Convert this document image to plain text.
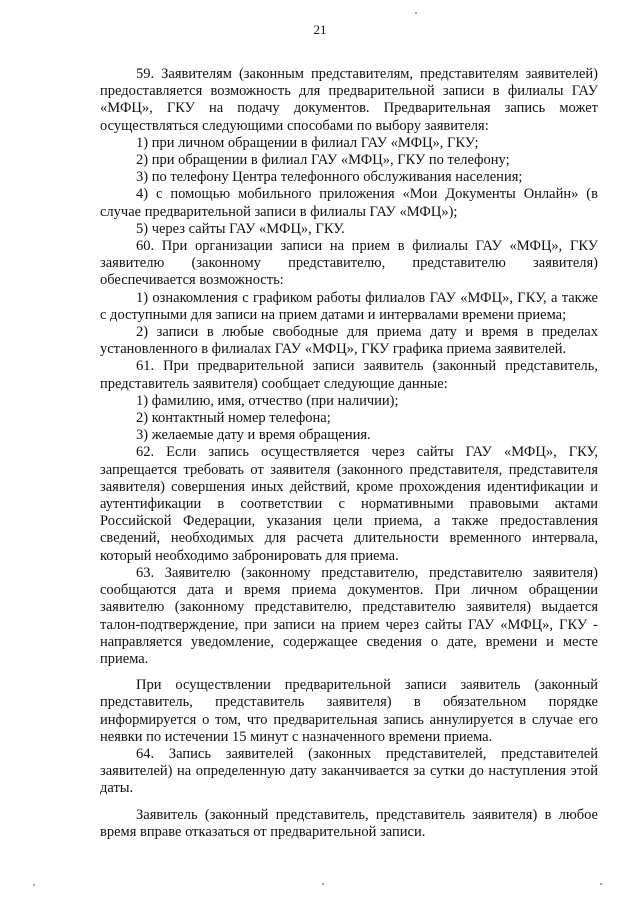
21

59. Заявителям (законным представителям, представителям заявителей) предоставляется возможность для предварительной записи в филиалы ГАУ «МФЦ», ГКУ на подачу документов. Предварительная запись может осуществляться следующими способами по выбору заявителя:

1) при личном обращении в филиал ГАУ «МФЦ», ГКУ;

2) при обращении в филиал ГАУ «МФЦ», ГКУ по телефону;

3) по телефону Центра телефонного обслуживания населения;

4) с помощью мобильного приложения «Мои Документы Онлайн» (в случае предварительной записи в филиалы ГАУ «МФЦ»);

5) через сайты ГАУ «МФЦ», ГКУ.

60. При организации записи на прием в филиалы ГАУ «МФЦ», ГКУ заявителю (законному представителю, представителю заявителя) обеспечивается возможность:

1) ознакомления с графиком работы филиалов ГАУ «МФЦ», ГКУ, а также с доступными для записи на прием датами и интервалами времени приема;

2) записи в любые свободные для приема дату и время в пределах установленного в филиалах ГАУ «МФЦ», ГКУ графика приема заявителей.

61. При предварительной записи заявитель (законный представитель, представитель заявителя) сообщает следующие данные:

1) фамилию, имя, отчество (при наличии);

2) контактный номер телефона;

3) желаемые дату и время обращения.

62. Если запись осуществляется через сайты ГАУ «МФЦ», ГКУ, запрещается требовать от заявителя (законного представителя, представителя заявителя) совершения иных действий, кроме прохождения идентификации и аутентификации в соответствии с нормативными правовыми актами Российской Федерации, указания цели приема, а также предоставления сведений, необходимых для расчета длительности временного интервала, который необходимо забронировать для приема.

63. Заявителю (законному представителю, представителю заявителя) сообщаются дата и время приема документов. При личном обращении заявителю (законному представителю, представителю заявителя) выдается талон-подтверждение, при записи на прием через сайты ГАУ «МФЦ», ГКУ - направляется уведомление, содержащее сведения о дате, времени и месте приема.

При осуществлении предварительной записи заявитель (законный представитель, представитель заявителя) в обязательном порядке информируется о том, что предварительная запись аннулируется в случае его неявки по истечении 15 минут с назначенного времени приема.

64. Запись заявителей (законных представителей, представителей заявителей) на определенную дату заканчивается за сутки до наступления этой даты.

Заявитель (законный представитель, представитель заявителя) в любое время вправе отказаться от предварительной записи.
